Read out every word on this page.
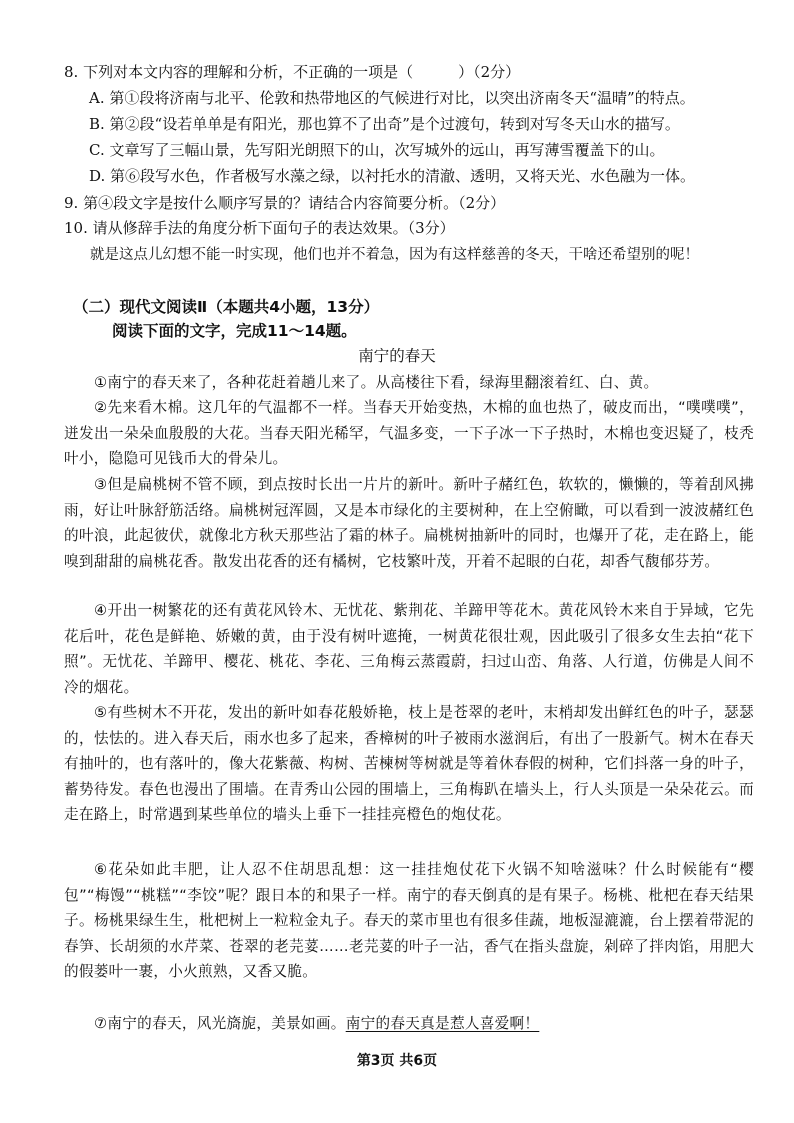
8. 下列对本文内容的理解和分析，不正确的一项是（　　　）（2分）
A. 第①段将济南与北平、伦敦和热带地区的气候进行对比，以突出济南冬天“温晴”的特点。
B. 第②段“设若单单是有阳光，那也算不了出奇”是个过渡句，转到对写冬天山水的描写。
C. 文章写了三幅山景，先写阳光朗照下的山，次写城外的远山，再写薄雪覆盖下的山。
D. 第⑥段写水色，作者极写水藻之绿，以衬托水的清澈、透明，又将天光、水色融为一体。
9. 第④段文字是按什么顺序写景的？请结合内容简要分析。（2分）
10. 请从修辞手法的角度分析下面句子的表达效果。（3分）
就是这点儿幻想不能一时实现，他们也并不着急，因为有这样慈善的冬天，干啥还希望别的呢！
（二）现代文阅读Ⅱ（本题共4小题，13分）
阅读下面的文字，完成11～14题。
南宁的春天
①南宁的春天来了，各种花赶着趟儿来了。从高楼往下看，绿海里翻滚着红、白、黄。
②先来看木棉。这几年的气温都不一样。当春天开始变热，木棉的血也热了，破皮而出，“噗噗噗”，迸发出一朵朵血殷殷的大花。当春天阳光稀罕，气温多变，一下子冰一下子热时，木棉也变迟疑了，枝秃叶小，隐隐可见钱币大的骨朵儿。
③但是扁桃树不管不顾，到点按时长出一片片的新叶。新叶子赭红色，软软的，懒懒的，等着刮风拂雨，好让叶脉舒筋活络。扁桃树冠浑圆，又是本市绿化的主要树种，在上空俯瞰，可以看到一波波赭红色的叶浪，此起彼伏，就像北方秋天那些沾了霜的林子。扁桃树抽新叶的同时，也爆开了花，走在路上，能嗅到甜甜的扁桃花香。散发出花香的还有橘树，它枝繁叶茂，开着不起眼的白花，却香气馥郁芬芳。
④开出一树繁花的还有黄花风铃木、无忧花、紫荆花、羊蹄甲等花木。黄花风铃木来自于异域，它先花后叶，花色是鲜艳、娇嫩的黄，由于没有树叶遮掩，一树黄花很壮观，因此吸引了很多女生去拍“花下照”。无忧花、羊蹄甲、樱花、桃花、李花、三角梅云蒸霞蔚，扫过山峦、角落、人行道，仿佛是人间不冷的烟花。
⑤有些树木不开花，发出的新叶如春花般娇艳，枝上是苍翠的老叶，末梢却发出鲜红色的叶子，瑟瑟的，怯怯的。进入春天后，雨水也多了起来，香樟树的叶子被雨水滋润后，有出了一股新气。树木在春天有抽叶的，也有落叶的，像大花紫薇、构树、苦楝树等树就是等着休春假的树种，它们抖落一身的叶子，蓄势待发。春色也漫出了围墙。在青秀山公园的围墙上，三角梅趴在墙头上，行人头顶是一朵朵花云。而走在路上，时常遇到某些单位的墙头上垂下一挂挂亮橙色的炮仗花。
⑥花朵如此丰肥，让人忍不住胡思乱想：这一挂挂炮仗花下火锅不知啥滋味？什么时候能有“樱包”“梅馒”“桃糕”“李饺”呢？跟日本的和果子一样。南宁的春天倒真的是有果子。杨桃、枇杷在春天结果子。杨桃果绿生生，枇杷树上一粒粒金丸子。春天的菜市里也有很多佳蔬，地板湿漉漉，台上摆着带泥的春笋、长胡须的水芹菜、苍翠的老芫荽……老芫荽的叶子一沾，香气在指头盘旋，剁碎了拌肉馅，用肥大的假蒌叶一裹，小火煎熟，又香又脆。
⑦南宁的春天，风光旖旎，美景如画。南宁的春天真是惹人喜爱啊！
第3页 共6页
